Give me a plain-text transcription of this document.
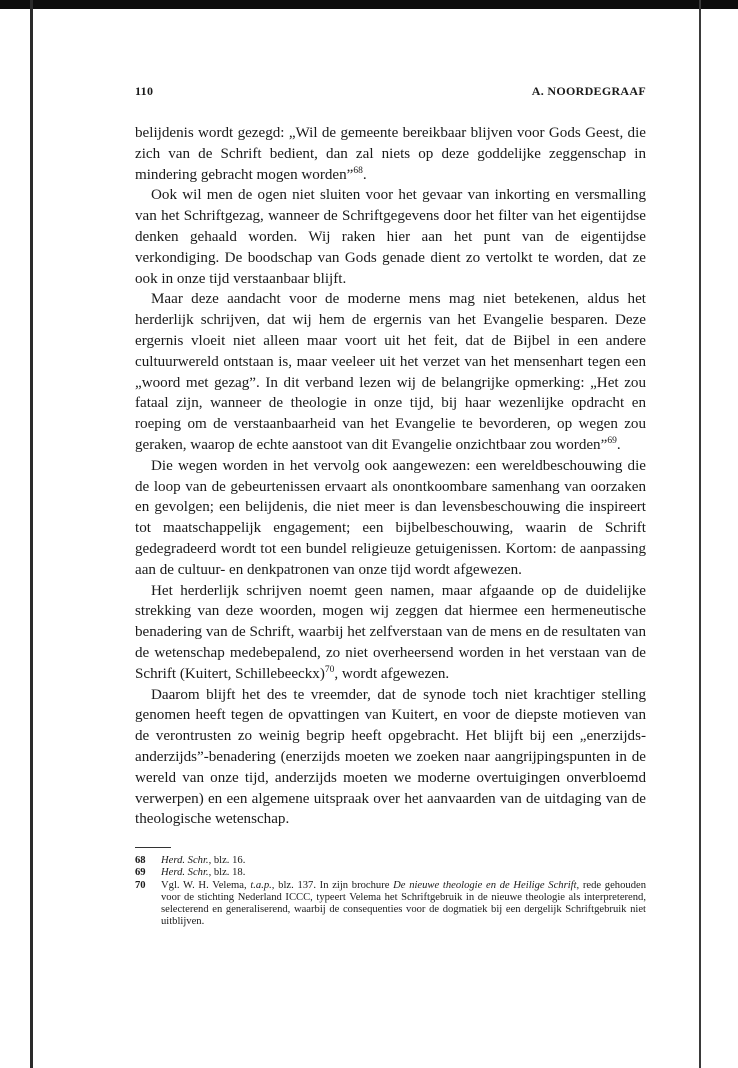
110	A. NOORDEGRAAF

belijdenis wordt gezegd: „Wil de gemeente bereikbaar blijven voor Gods Geest, die zich van de Schrift bedient, dan zal niets op deze goddelijke zeggenschap in mindering gebracht mogen worden”$^{68}$.

Ook wil men de ogen niet sluiten voor het gevaar van inkorting en versmalling van het Schriftgezag, wanneer de Schriftgegevens door het filter van het eigentijdse denken gehaald worden. Wij raken hier aan het punt van de eigentijdse verkondiging. De boodschap van Gods genade dient zo vertolkt te worden, dat ze ook in onze tijd verstaanbaar blijft.

Maar deze aandacht voor de moderne mens mag niet betekenen, aldus het herderlijk schrijven, dat wij hem de ergernis van het Evangelie besparen. Deze ergernis vloeit niet alleen maar voort uit het feit, dat de Bijbel in een andere cultuurwereld ontstaan is, maar veeleer uit het verzet van het mensenhart tegen een „woord met gezag”. In dit verband lezen wij de belangrijke opmerking: „Het zou fataal zijn, wanneer de theologie in onze tijd, bij haar wezenlijke opdracht en roeping om de verstaanbaarheid van het Evangelie te bevorderen, op wegen zou geraken, waarop de echte aanstoot van dit Evangelie onzichtbaar zou worden”$^{69}$.

Die wegen worden in het vervolg ook aangewezen: een wereldbeschouwing die de loop van de gebeurtenissen ervaart als onontkoombare samenhang van oorzaken en gevolgen; een belijdenis, die niet meer is dan levensbeschouwing die inspireert tot maatschappelijk engagement; een bijbelbeschouwing, waarin de Schrift gedegradeerd wordt tot een bundel religieuze getuigenissen. Kortom: de aanpassing aan de cultuur- en denkpatronen van onze tijd wordt afgewezen.

Het herderlijk schrijven noemt geen namen, maar afgaande op de duidelijke strekking van deze woorden, mogen wij zeggen dat hiermee een hermeneutische benadering van de Schrift, waarbij het zelfverstaan van de mens en de resultaten van de wetenschap medebepalend, zo niet overheersend worden in het verstaan van de Schrift (Kuitert, Schillebeeckx)$^{70}$, wordt afgewezen.

Daarom blijft het des te vreemder, dat de synode toch niet krachtiger stelling genomen heeft tegen de opvattingen van Kuitert, en voor de diepste motieven van de verontrusten zo weinig begrip heeft opgebracht. Het blijft bij een „enerzijds-anderzijds”-benadering (enerzijds moeten we zoeken naar aangrijpingspunten in de wereld van onze tijd, anderzijds moeten we moderne overtuigingen onverbloemd verwerpen) en een algemene uitspraak over het aanvaarden van de uitdaging van de theologische wetenschap.

68	Herd. Schr., blz. 16.
69	Herd. Schr., blz. 18.
70	Vgl. W. H. Velema, t.a.p., blz. 137. In zijn brochure De nieuwe theologie en de Heilige Schrift, rede gehouden voor de stichting Nederland ICCC, typeert Velema het Schriftgebruik in de nieuwe theologie als interpreterend, selecterend en generaliserend, waarbij de consequenties voor de dogmatiek bij een dergelijk Schriftgebruik niet uitblijven.
